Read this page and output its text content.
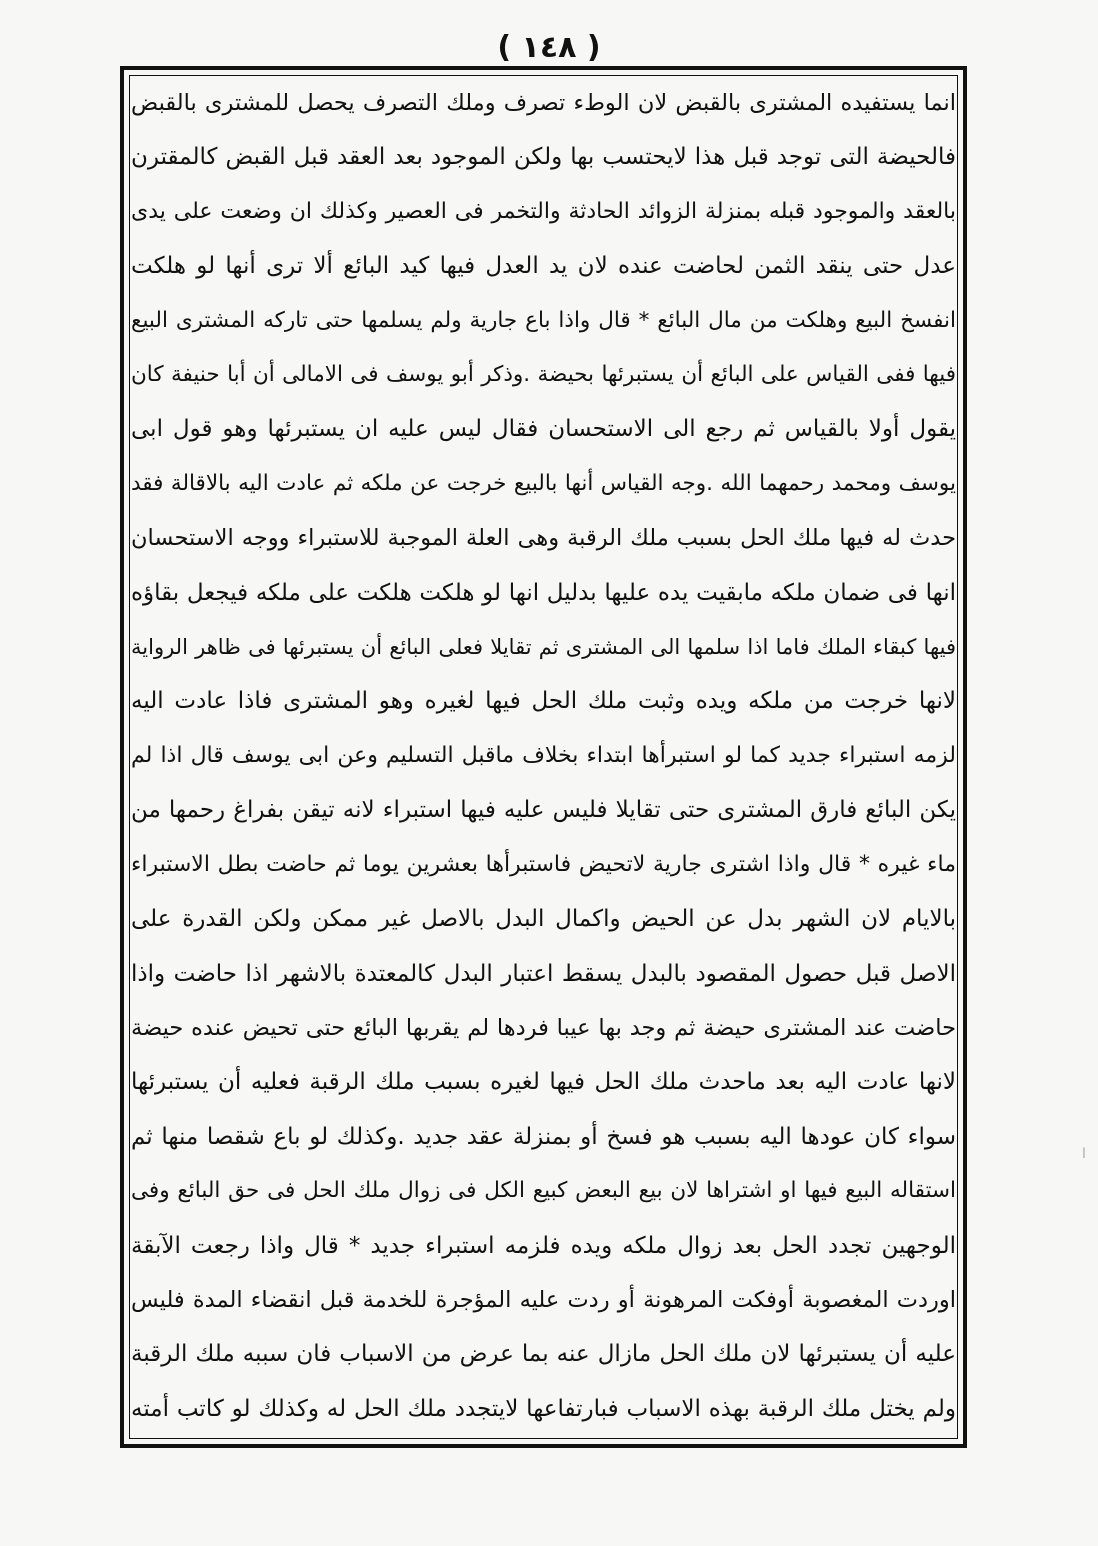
( ١٤٨ )
انما يستفيده المشترى بالقبض لان الوطء تصرف وملك التصرف يحصل للمشترى بالقبض
فالحيضة التى توجد قبل هذا لايحتسب بها ولكن الموجود بعد العقد قبل القبض كالمقترن
بالعقد والموجود قبله بمنزلة الزوائد الحادثة والتخمر فى العصير وكذلك ان وضعت على يدى
عدل حتى ينقد الثمن لحاضت عنده لان يد العدل فيها كيد البائع ألا ترى أنها لو هلكت
انفسخ البيع وهلكت من مال البائع * قال واذا باع جارية ولم يسلمها حتى تاركه المشترى البيع
فيها ففى القياس على البائع أن يستبرئها بحيضة .وذكر أبو يوسف فى الامالى أن أبا حنيفة كان
يقول أولا بالقياس ثم رجع الى الاستحسان فقال ليس عليه ان يستبرئها وهو قول ابى
يوسف ومحمد رحمهما الله .وجه القياس أنها بالبيع خرجت عن ملكه ثم عادت اليه بالاقالة فقد
حدث له فيها ملك الحل بسبب ملك الرقبة وهى العلة الموجبة للاستبراء ووجه الاستحسان
انها فى ضمان ملكه مابقيت يده عليها بدليل انها لو هلكت هلكت على ملكه فيجعل بقاؤه
فيها كبقاء الملك فاما اذا سلمها الى المشترى ثم تقايلا فعلى البائع أن يستبرئها فى ظاهر الرواية
لانها خرجت من ملكه ويده وثبت ملك الحل فيها لغيره وهو المشترى فاذا عادت اليه
لزمه استبراء جديد كما لو استبرأها ابتداء بخلاف ماقبل التسليم وعن ابى يوسف قال اذا لم
يكن البائع فارق المشترى حتى تقايلا فليس عليه فيها استبراء لانه تيقن بفراغ رحمها من
ماء غيره * قال واذا اشترى جارية لاتحيض فاستبرأها بعشرين يوما ثم حاضت بطل الاستبراء
بالايام لان الشهر بدل عن الحيض واكمال البدل بالاصل غير ممكن ولكن القدرة على
الاصل قبل حصول المقصود بالبدل يسقط اعتبار البدل كالمعتدة بالاشهر اذا حاضت واذا
حاضت عند المشترى حيضة ثم وجد بها عيبا فردها لم يقربها البائع حتى تحيض عنده حيضة
لانها عادت اليه بعد ماحدث ملك الحل فيها لغيره بسبب ملك الرقبة فعليه أن يستبرئها
سواء كان عودها اليه بسبب هو فسخ أو بمنزلة عقد جديد .وكذلك لو باع شقصا منها ثم
استقاله البيع فيها او اشتراها لان بيع البعض كبيع الكل فى زوال ملك الحل فى حق البائع وفى
الوجهين تجدد الحل بعد زوال ملكه ويده فلزمه استبراء جديد * قال واذا رجعت الآبقة
اوردت المغصوبة أوفكت المرهونة أو ردت عليه المؤجرة للخدمة قبل انقضاء المدة فليس
عليه أن يستبرئها لان ملك الحل مازال عنه بما عرض من الاسباب فان سببه ملك الرقبة
ولم يختل ملك الرقبة بهذه الاسباب فبارتفاعها لايتجدد ملك الحل له وكذلك لو كاتب أمته
ا
